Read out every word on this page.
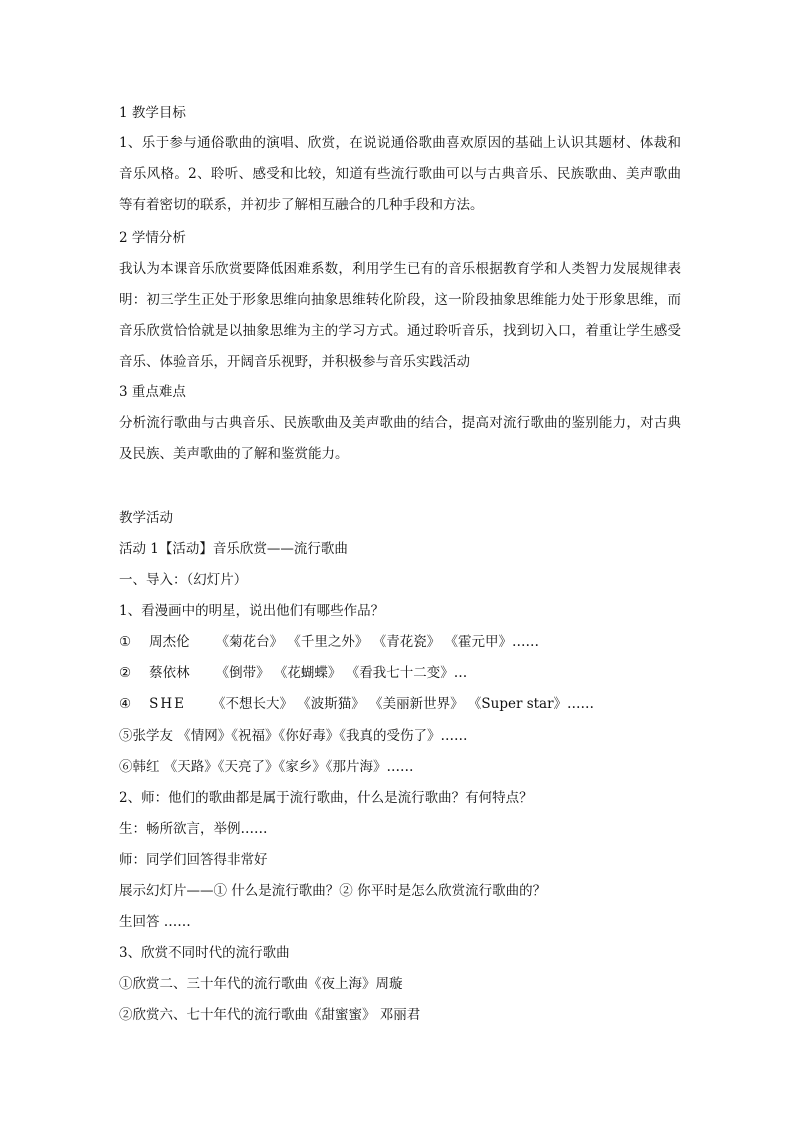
1 教学目标
1、乐于参与通俗歌曲的演唱、欣赏，在说说通俗歌曲喜欢原因的基础上认识其题材、体裁和音乐风格。2、聆听、感受和比较，知道有些流行歌曲可以与古典音乐、民族歌曲、美声歌曲等有着密切的联系，并初步了解相互融合的几种手段和方法。
2 学情分析
我认为本课音乐欣赏要降低困难系数，利用学生已有的音乐根据教育学和人类智力发展规律表明：初三学生正处于形象思维向抽象思维转化阶段，这一阶段抽象思维能力处于形象思维，而音乐欣赏恰恰就是以抽象思维为主的学习方式。通过聆听音乐，找到切入口，着重让学生感受音乐、体验音乐，开阔音乐视野，并积极参与音乐实践活动
3 重点难点
分析流行歌曲与古典音乐、民族歌曲及美声歌曲的结合，提高对流行歌曲的鉴别能力，对古典及民族、美声歌曲的了解和鉴赏能力。
教学活动
活动 1【活动】音乐欣赏——流行歌曲
一、导入：（幻灯片）
1、看漫画中的明星，说出他们有哪些作品？
① 周杰伦 《菊花台》 《千里之外》 《青花瓷》 《霍元甲》……
② 蔡依林 《倒带》 《花蝴蝶》 《看我七十二变》…
④ SHE 《不想长大》 《波斯猫》 《美丽新世界》 《Super star》……
⑤张学友 《情网》《祝福》《你好毒》《我真的受伤了》……
⑥韩红 《天路》《天亮了》《家乡》《那片海》……
2、师：他们的歌曲都是属于流行歌曲，什么是流行歌曲？有何特点？
生：畅所欲言，举例……
师：同学们回答得非常好
展示幻灯片——① 什么是流行歌曲？② 你平时是怎么欣赏流行歌曲的？
生回答 ……
3、欣赏不同时代的流行歌曲
①欣赏二、三十年代的流行歌曲《夜上海》周璇
②欣赏六、七十年代的流行歌曲《甜蜜蜜》 邓丽君
